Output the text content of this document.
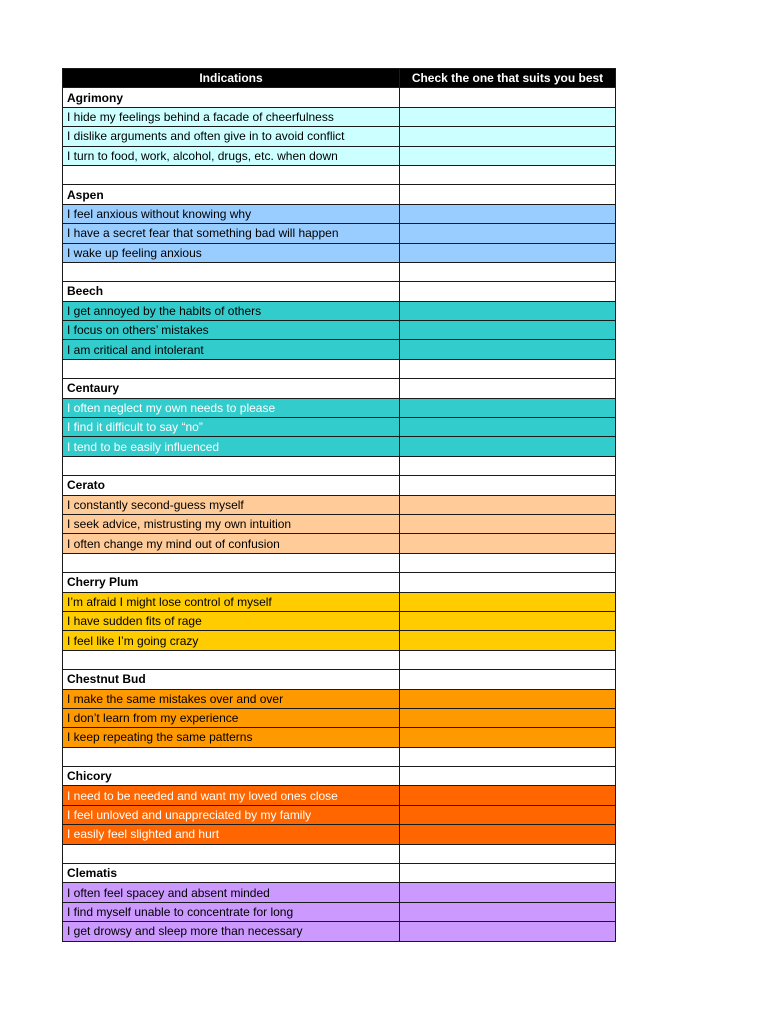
Indications	Check the one that suits you best
Agrimony	
I hide my feelings behind a facade of cheerfulness	
I dislike arguments and often give in to avoid conflict	
I turn to food, work, alcohol, drugs, etc. when down	

Aspen	
I feel anxious without knowing why	
I have a secret fear that something bad will happen	
I wake up feeling anxious	

Beech	
I get annoyed by the habits of others	
I focus on others’ mistakes	
I am critical and intolerant	

Centaury	
I often neglect my own needs to please	
I find it difficult to say “no”	
I tend to be easily influenced	

Cerato	
I constantly second-guess myself	
I seek advice, mistrusting my own intuition	
I often change my mind out of confusion	

Cherry Plum	
I’m afraid I might lose control of myself	
I have sudden fits of rage	
I feel like I’m going crazy	

Chestnut Bud	
I make the same mistakes over and over	
I don’t learn from my experience	
I keep repeating the same patterns	

Chicory	
I need to be needed and want my loved ones close	
I feel unloved and unappreciated by my family	
I easily feel slighted and hurt	

Clematis	
I often feel spacey and absent minded	
I find myself unable to concentrate for long	
I get drowsy and sleep more than necessary	
